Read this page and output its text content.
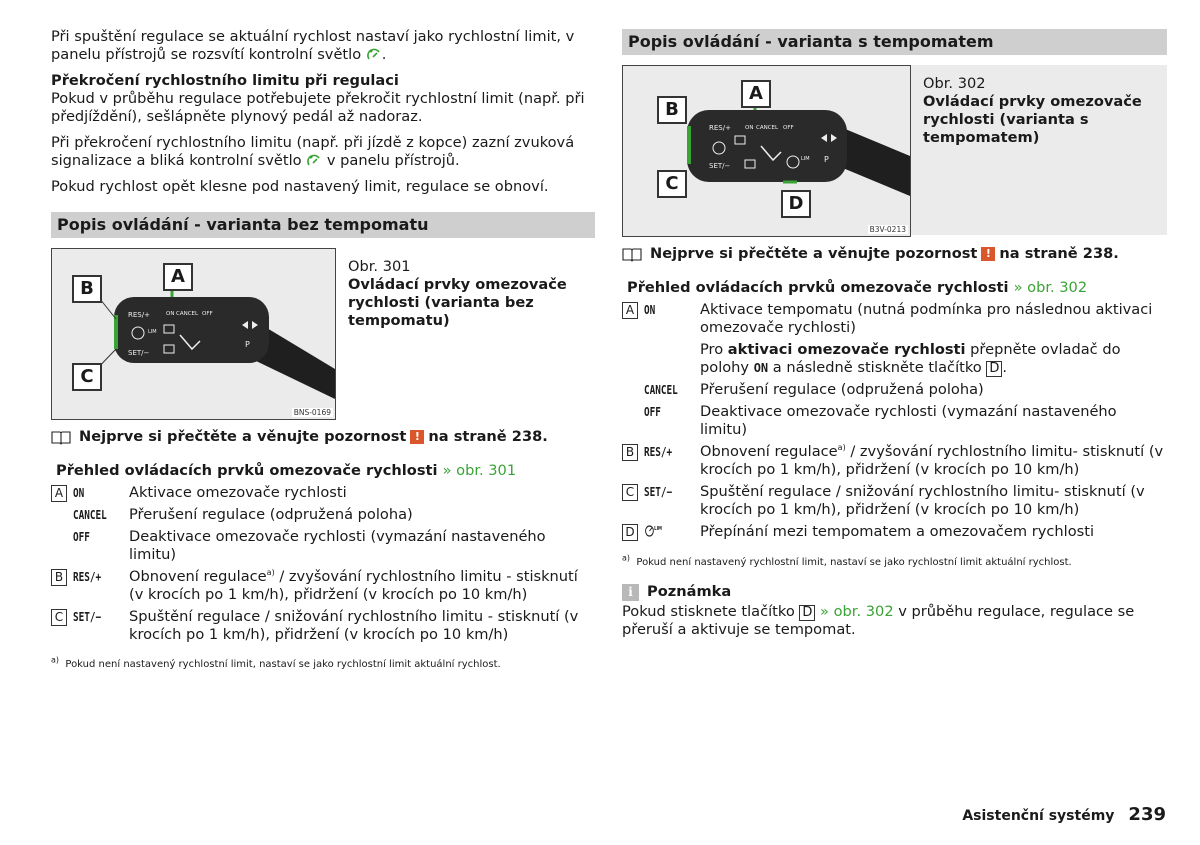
Při spuštění regulace se aktuální rychlost nastaví jako rychlostní limit, v panelu přístrojů se rozsvítí kontrolní světlo .

Překročení rychlostního limitu při regulaci

Pokud v průběhu regulace potřebujete překročit rychlostní limit (např. při předjíždění), sešlápněte plynový pedál až nadoraz.

Při překročení rychlostního limitu (např. při jízdě z kopce) zazní zvuková signalizace a bliká kontrolní světlo v panelu přístrojů.

Pokud rychlost opět klesne pod nastavený limit, regulace se obnoví.

Popis ovládání - varianta bez tempomatu
RES/+	ON CANCEL OFF
SET/−
LIM
P
A
B
C
BNS-0169
Obr. 301
Ovládací prvky omezovače rychlosti (varianta bez tempomatu)
Nejprve si přečtěte a věnujte pozornost ! na straně 238.

Přehled ovládacích prvků omezovače rychlosti » obr. 301

A ON	Aktivace omezovače rychlosti
CANCEL	Přerušení regulace (odpružená poloha)
OFF	Deaktivace omezovače rychlosti (vymazání nastaveného limitu)
B RES/+	Obnovení regulace$^{a)}$ / zvyšování rychlostního limitu - stisknutí (v krocích po 1 km/h), přidržení (v krocích po 10 km/h)
C SET/−	Spuštění regulace / snižování rychlostního limitu - stisknutí (v krocích po 1 km/h), přidržení (v krocích po 10 km/h)

$^{a)}$ Pokud není nastavený rychlostní limit, nastaví se jako rychlostní limit aktuální rychlost.

Popis ovládání - varianta s tempomatem
RES/+	ON CANCEL OFF
SET/−
LIM P
A
B
C
D
B3V-0213
Obr. 302
Ovládací prvky omezovače rychlosti (varianta s tempomatem)
Nejprve si přečtěte a věnujte pozornost ! na straně 238.

Přehled ovládacích prvků omezovače rychlosti » obr. 302

A ON	Aktivace tempomatu (nutná podmínka pro následnou aktivaci omezovače rychlosti)
Pro aktivaci omezovače rychlosti přepněte ovladač do polohy ON a následně stiskněte tlačítko D .
CANCEL	Přerušení regulace (odpružená poloha)
OFF	Deaktivace omezovače rychlosti (vymazání nastaveného limitu)
B RES/+	Obnovení regulace$^{a)}$ / zvyšování rychlostního limitu- stisknutí (v krocích po 1 km/h), přidržení (v krocích po 10 km/h)
C SET/−	Spuštění regulace / snižování rychlostního limitu- stisknutí (v krocích po 1 km/h), přidržení (v krocích po 10 km/h)
D	LIM	Přepínání mezi tempomatem a omezovačem rychlosti

$^{a)}$ Pokud není nastavený rychlostní limit, nastaví se jako rychlostní limit aktuální rychlost.

i Poznámka

Pokud stisknete tlačítko D » obr. 302 v průběhu regulace, regulace se přeruší a aktivuje se tempomat.

Asistenční systémy 239
